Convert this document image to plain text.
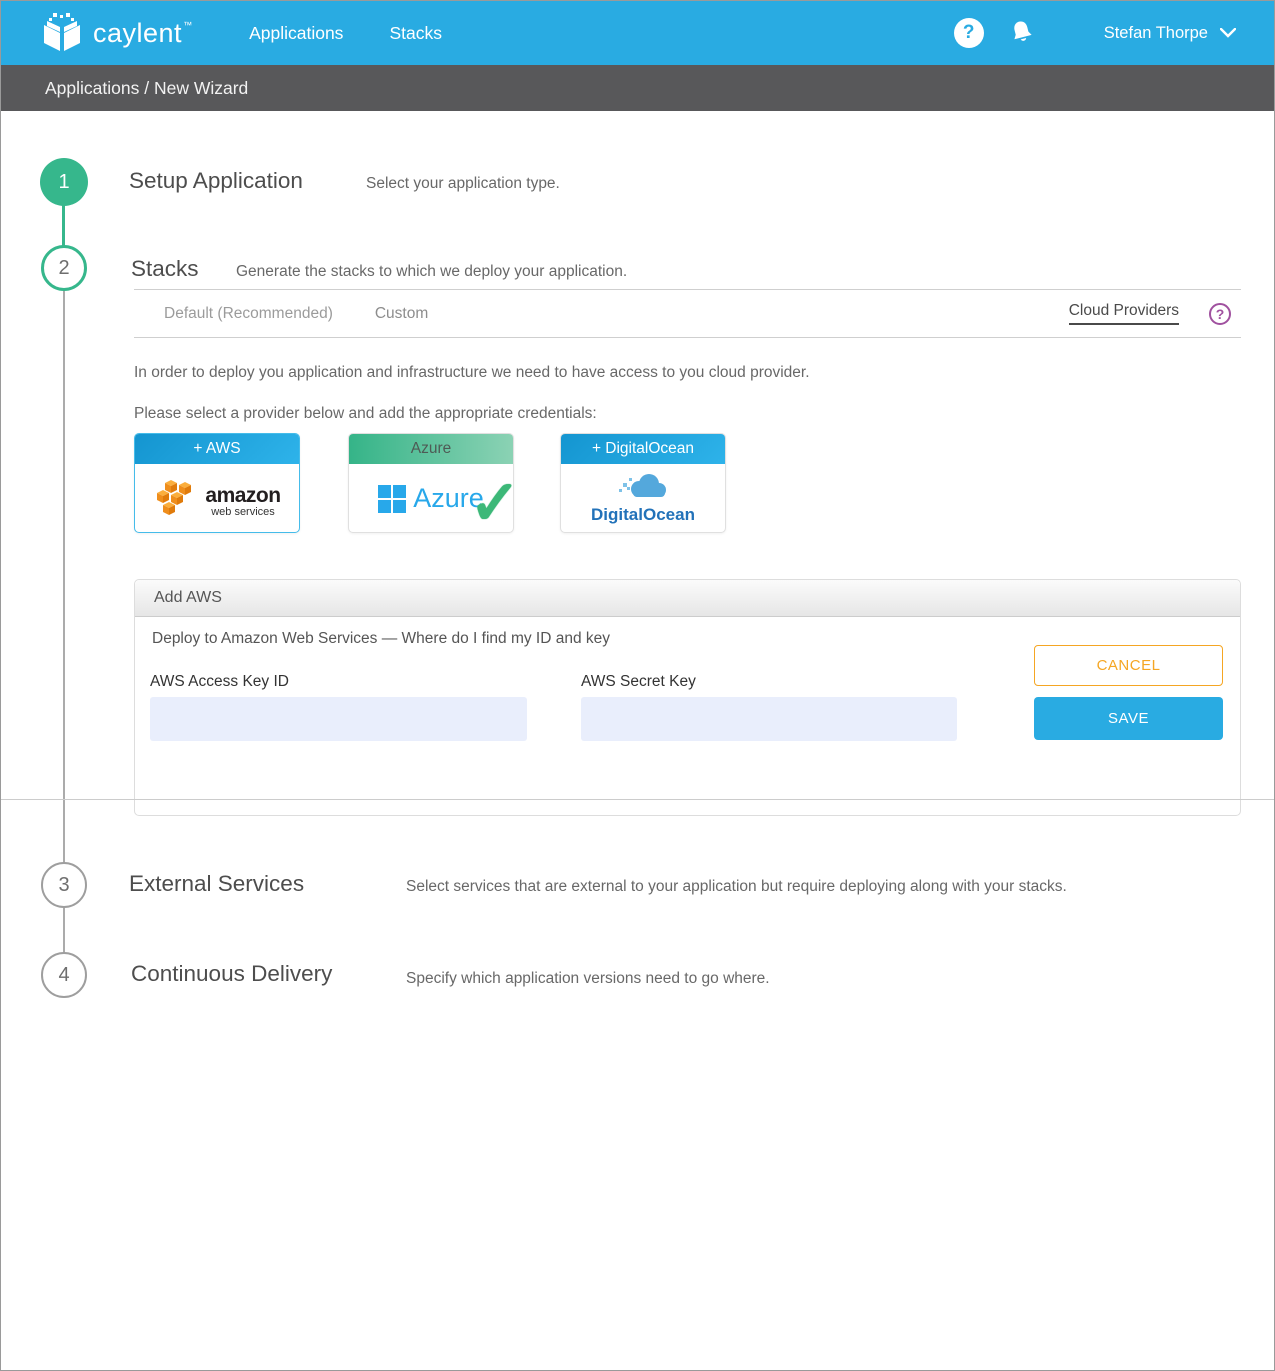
caylent ™	Applications	Stacks	?	Stefan Thorpe
Applications / New Wizard
1
2
3
4
Setup Application	Select your application type.
Stacks Generate the stacks to which we deploy your application.
Default (Recommended)	Custom	Cloud Providers	?
In order to deploy you application and infrastructure we need to have access to you cloud provider.
Please select a provider below and add the appropriate credentials:
+ AWS
amazon
web services
Azure
Azure
+ DigitalOcean
DigitalOcean
✓
Add AWS
Deploy to Amazon Web Services — Where do I find my ID and key
AWS Access Key ID	AWS Secret Key
CANCEL
SAVE
External Services	Select services that are external to your application but require deploying along with your stacks.
Continuous Delivery	Specify which application versions need to go where.
